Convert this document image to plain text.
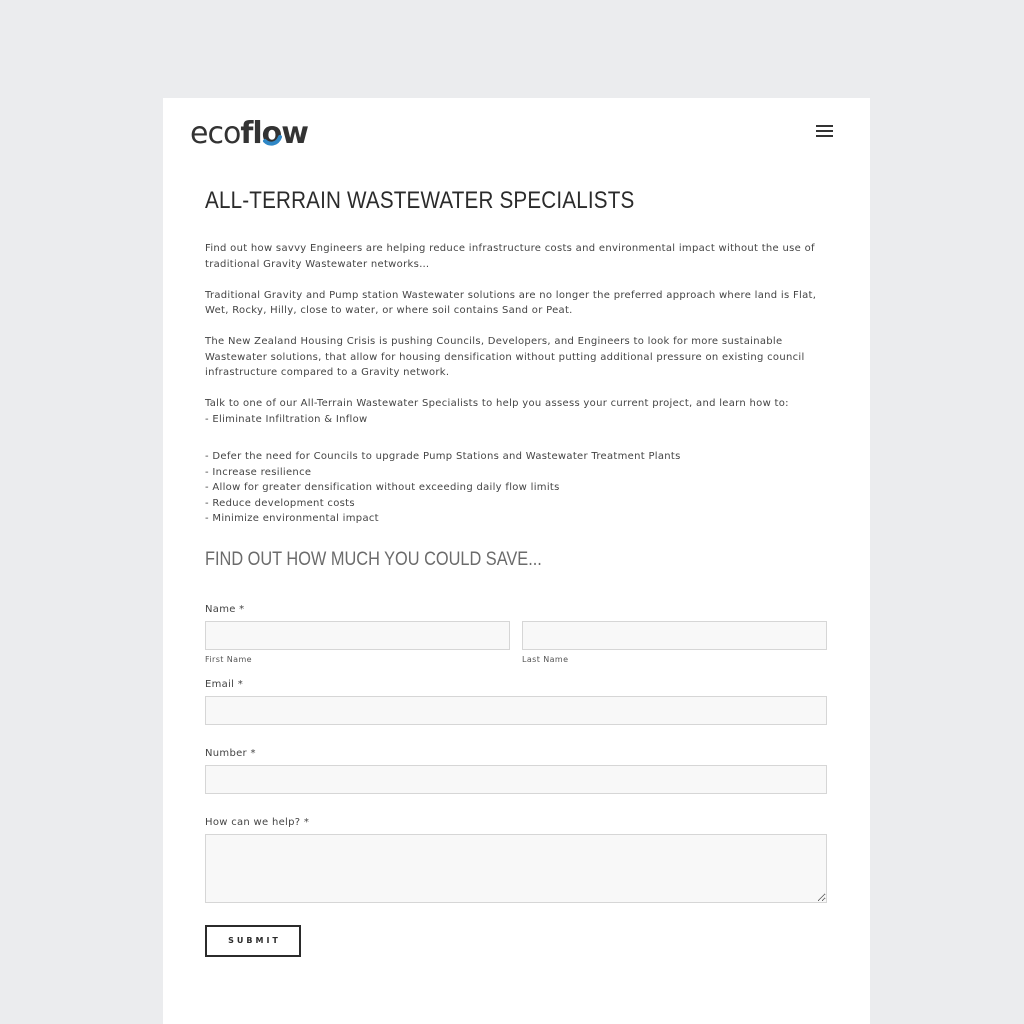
eco flow
ALL-TERRAIN WASTEWATER SPECIALISTS

Find out how savvy Engineers are helping reduce infrastructure costs and environmental impact without the use of traditional Gravity Wastewater networks…

Traditional Gravity and Pump station Wastewater solutions are no longer the preferred approach where land is Flat, Wet, Rocky, Hilly, close to water, or where soil contains Sand or Peat.

The New Zealand Housing Crisis is pushing Councils, Developers, and Engineers to look for more sustainable Wastewater solutions, that allow for housing densification without putting additional pressure on existing council infrastructure compared to a Gravity network.

Talk to one of our All-Terrain Wastewater Specialists to help you assess your current project, and learn how to:
- Eliminate Infiltration & Inflow

- Defer the need for Councils to upgrade Pump Stations and Wastewater Treatment Plants
- Increase resilience
- Allow for greater densification without exceeding daily flow limits
- Reduce development costs
- Minimize environmental impact
FIND OUT HOW MUCH YOU COULD SAVE...
Name *
First Name	Last Name
Email *
Number *
How can we help? *
SUBMIT
